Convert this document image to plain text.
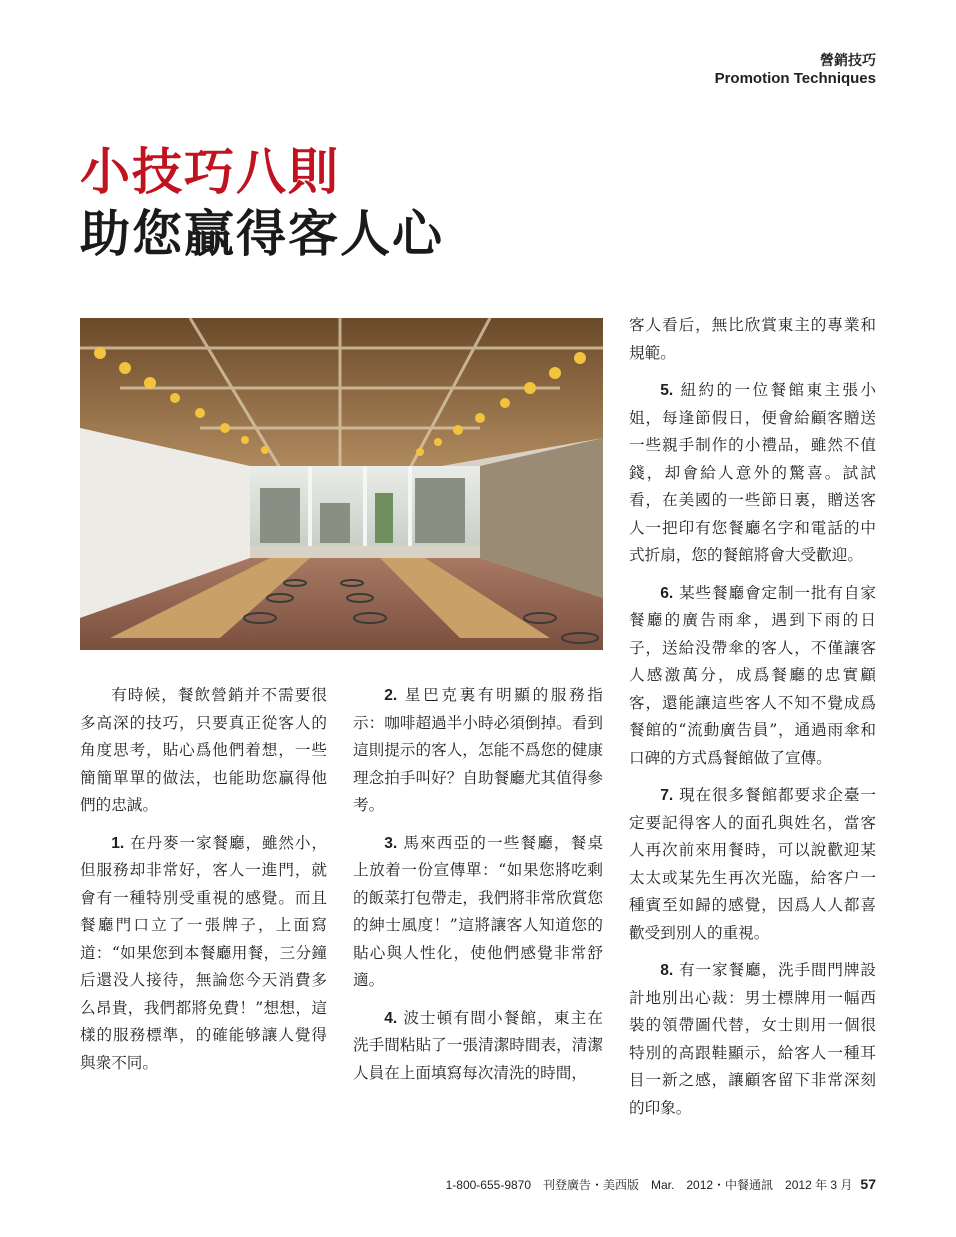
營銷技巧
Promotion Techniques
小技巧八則
助您贏得客人心

有時候，餐飲營銷并不需要很多高深的技巧，只要真正從客人的角度思考，貼心爲他們着想，一些簡簡單單的做法，也能助您贏得他們的忠誠。

1. 在丹麥一家餐廳，雖然小，但服務却非常好，客人一進門，就會有一種特別受重視的感覺。而且餐廳門口立了一張牌子，上面寫道：“如果您到本餐廳用餐，三分鐘后還没人接待，無論您今天消費多么昂貴，我們都將免費！”想想，這樣的服務標準，的確能够讓人覺得與衆不同。

2. 星巴克裏有明顯的服務指示：咖啡超過半小時必須倒掉。看到這則提示的客人，怎能不爲您的健康理念拍手叫好？自助餐廳尤其值得參考。

3. 馬來西亞的一些餐廳，餐桌上放着一份宣傳單：“如果您將吃剩的飯菜打包帶走，我們將非常欣賞您的紳士風度！”這將讓客人知道您的貼心與人性化，使他們感覺非常舒適。

4. 波士頓有間小餐館，東主在洗手間粘貼了一張清潔時間表，清潔人員在上面填寫每次清洗的時間，

客人看后，無比欣賞東主的專業和規範。

5. 紐約的一位餐館東主張小姐，每逢節假日，便會給顧客贈送一些親手制作的小禮品，雖然不值錢，却會給人意外的驚喜。試試看，在美國的一些節日裏，贈送客人一把印有您餐廳名字和電話的中式折扇，您的餐館將會大受歡迎。

6. 某些餐廳會定制一批有自家餐廳的廣告雨傘，遇到下雨的日子，送給没帶傘的客人，不僅讓客人感激萬分，成爲餐廳的忠實顧客，還能讓這些客人不知不覺成爲餐館的“流動廣告員”，通過雨傘和口碑的方式爲餐館做了宣傳。

7. 現在很多餐館都要求企臺一定要記得客人的面孔與姓名，當客人再次前來用餐時，可以說歡迎某太太或某先生再次光臨，給客户一種賓至如歸的感覺，因爲人人都喜歡受到別人的重視。

8. 有一家餐廳，洗手間門牌設計地別出心裁：男士標牌用一幅西裝的領帶圖代替，女士則用一個很特別的高跟鞋顯示，給客人一種耳目一新之感，讓顧客留下非常深刻的印象。

1-800-655-9870　刊登廣告・美西版　Mar.　2012・中餐通訊　2012 年 3 月 57
